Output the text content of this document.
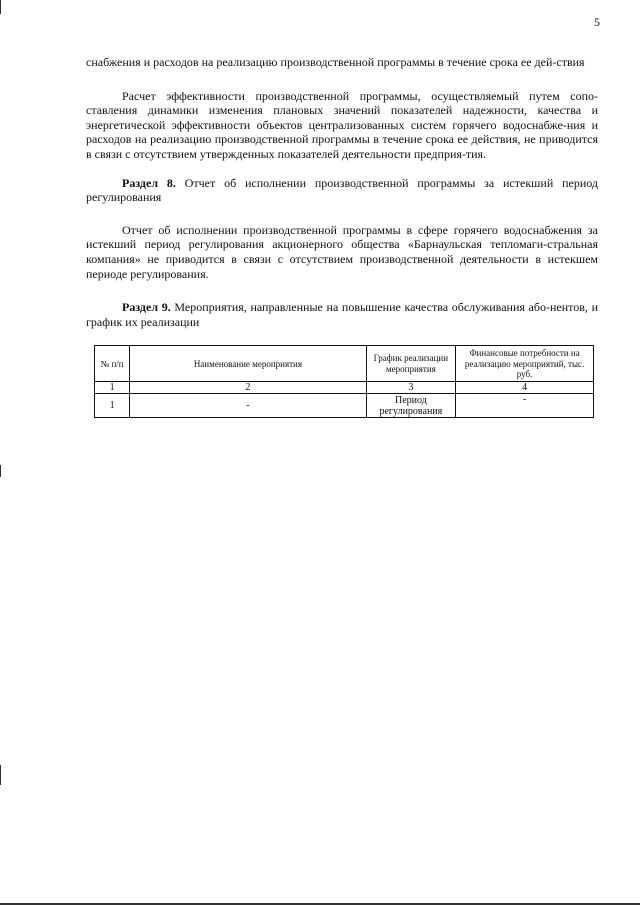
5

снабжения и расходов на реализацию производственной программы в течение срока ее дей-ствия

Расчет эффективности производственной программы, осуществляемый путем сопо-ставления динамики изменения плановых значений показателей надежности, качества и энергетической эффективности объектов централизованных систем горячего водоснабже-ния и расходов на реализацию производственной программы в течение срока ее действия, не приводится в связи с отсутствием утвержденных показателей деятельности предприя-тия.

Раздел 8. Отчет об исполнении производственной программы за истекший период регулирования

Отчет об исполнении производственной программы в сфере горячего водоснабжения за истекший период регулирования акционерного общества «Барнаульская тепломаги-стральная компания» не приводится в связи с отсутствием производственной деятельности в истекшем периоде регулирования.

Раздел 9. Мероприятия, направленные на повышение качества обслуживания або-нентов, и график их реализации

№ п/п	Наименование мероприятия	График реализации мероприятия	Финансовые потребности на реализацию мероприятий, тыс. руб.
1	2	3	4
1	-	Период регулирования	-
